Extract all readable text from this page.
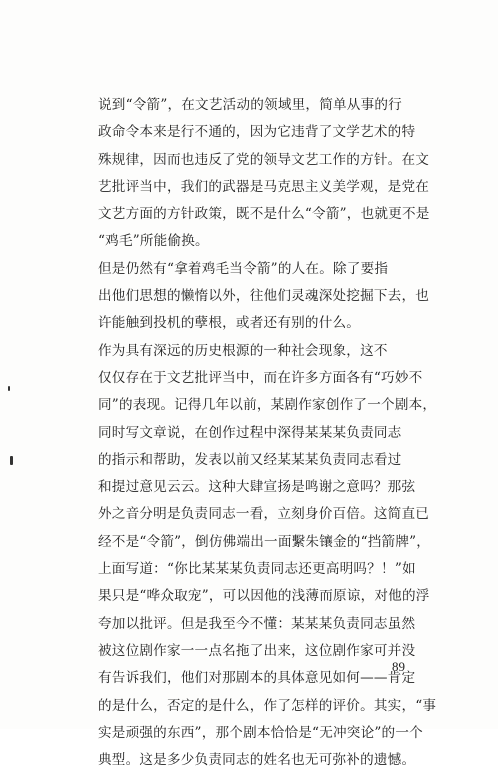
说到“令箭”，在文艺活动的领域里，简单从事的行
政命令本来是行不通的，因为它违背了文学艺术的特
殊规律，因而也违反了党的领导文艺工作的方针。在文
艺批评当中，我们的武器是马克思主义美学观，是党在
文艺方面的方针政策，既不是什么“令箭”，也就更不是
“鸡毛”所能偷换。
但是仍然有“拿着鸡毛当令箭”的人在。除了要指
出他们思想的懒惰以外，往他们灵魂深处挖掘下去，也
许能触到投机的孽根，或者还有别的什么。
作为具有深远的历史根源的一种社会现象，这不
仅仅存在于文艺批评当中，而在许多方面各有“巧妙不
同”的表现。记得几年以前，某剧作家创作了一个剧本，
同时写文章说，在创作过程中深得某某某负责同志
的指示和帮助，发表以前又经某某某负责同志看过
和提过意见云云。这种大肆宣扬是鸣谢之意吗？那弦
外之音分明是负责同志一看，立刻身价百倍。这简直已
经不是“令箭”，倒仿佛端出一面繫朱镶金的“挡箭牌”，
上面写道：“你比某某某负责同志还更高明吗？！”如
果只是“哗众取宠”，可以因他的浅薄而原谅，对他的浮
夸加以批评。但是我至今不懂：某某某负责同志虽然
被这位剧作家一一点名拖了出来，这位剧作家可并没
有告诉我们，他们对那剧本的具体意见如何——肯定
的是什么，否定的是什么，作了怎样的评价。其实，“事
实是顽强的东西”，那个剧本恰恰是“无冲突论”的一个
典型。这是多少负责同志的姓名也无可弥补的遗憾。
89
